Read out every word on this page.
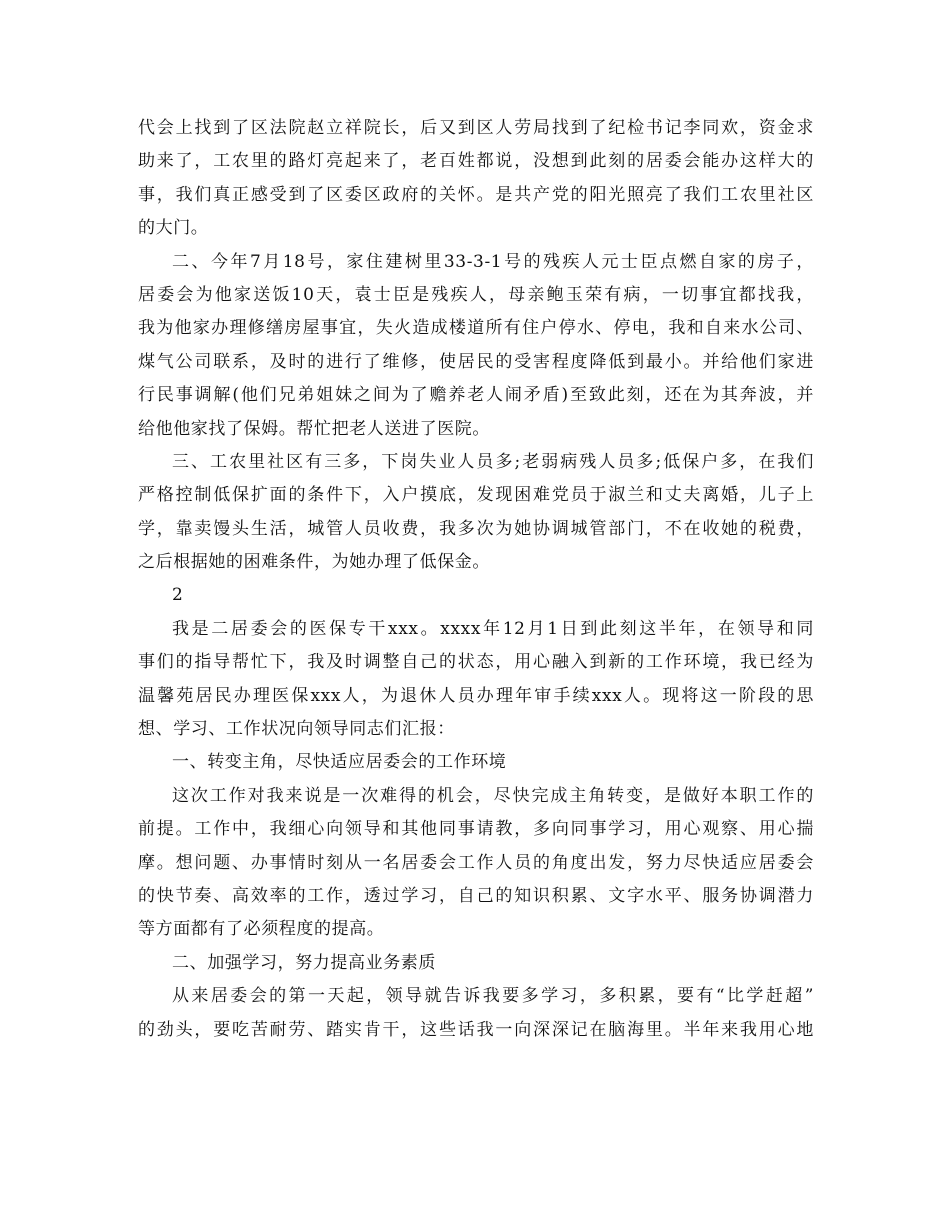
代会上找到了区法院赵立祥院长，后又到区人劳局找到了纪检书记李同欢，资金求
助来了，工农里的路灯亮起来了，老百姓都说，没想到此刻的居委会能办这样大的
事，我们真正感受到了区委区政府的关怀。是共产党的阳光照亮了我们工农里社区
的大门。
二、今年7月18号，家住建树里33-3-1号的残疾人元士臣点燃自家的房子，
居委会为他家送饭10天，袁士臣是残疾人，母亲鲍玉荣有病，一切事宜都找我，
我为他家办理修缮房屋事宜，失火造成楼道所有住户停水、停电，我和自来水公司、
煤气公司联系，及时的进行了维修，使居民的受害程度降低到最小。并给他们家进
行民事调解(他们兄弟姐妹之间为了赡养老人闹矛盾)至致此刻，还在为其奔波，并
给他他家找了保姆。帮忙把老人送进了医院。
三、工农里社区有三多，下岗失业人员多;老弱病残人员多;低保户多，在我们
严格控制低保扩面的条件下，入户摸底，发现困难党员于淑兰和丈夫离婚，儿子上
学，靠卖馒头生活，城管人员收费，我多次为她协调城管部门，不在收她的税费，
之后根据她的困难条件，为她办理了低保金。
2
我是二居委会的医保专干xxx。xxxx年12月1日到此刻这半年，在领导和同
事们的指导帮忙下，我及时调整自己的状态，用心融入到新的工作环境，我已经为
温馨苑居民办理医保xxx人，为退休人员办理年审手续xxx人。现将这一阶段的思
想、学习、工作状况向领导同志们汇报：
一、转变主角，尽快适应居委会的工作环境
这次工作对我来说是一次难得的机会，尽快完成主角转变，是做好本职工作的
前提。工作中，我细心向领导和其他同事请教，多向同事学习，用心观察、用心揣
摩。想问题、办事情时刻从一名居委会工作人员的角度出发，努力尽快适应居委会
的快节奏、高效率的工作，透过学习，自己的知识积累、文字水平、服务协调潜力
等方面都有了必须程度的提高。
二、加强学习，努力提高业务素质
从来居委会的第一天起，领导就告诉我要多学习，多积累，要有“比学赶超”
的劲头，要吃苦耐劳、踏实肯干，这些话我一向深深记在脑海里。半年来我用心地
